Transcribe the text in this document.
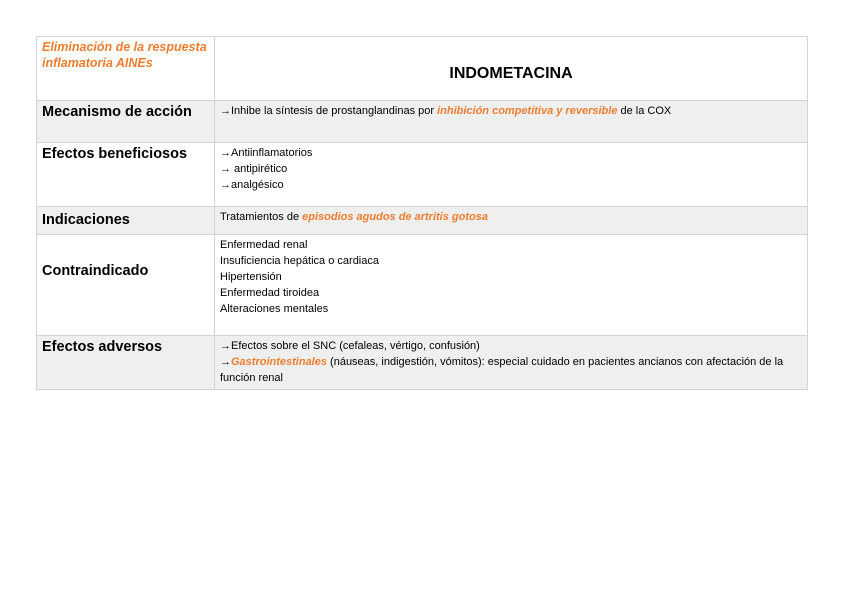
Eliminación de la respuesta inflamatoria AINEs	INDOMETACINA
Mecanismo de acción	→Inhibe la síntesis de prostanglandinas por inhibición competitiva y reversible de la COX
Efectos beneficiosos	→Antiinflamatorios
→ antipirético
→analgésico

Indicaciones	Tratamientos de episodios agudos de artritis gotosa
Contraindicado	Enfermedad renal
Insuficiencia hepática o cardiaca
Hipertensión
Enfermedad tiroidea
Alteraciones mentales

Efectos adversos	→Efectos sobre el SNC (cefaleas, vértigo, confusión)
→Gastrointestinales (náuseas, indigestión, vómitos): especial cuidado en pacientes ancianos con afectación de la función renal
